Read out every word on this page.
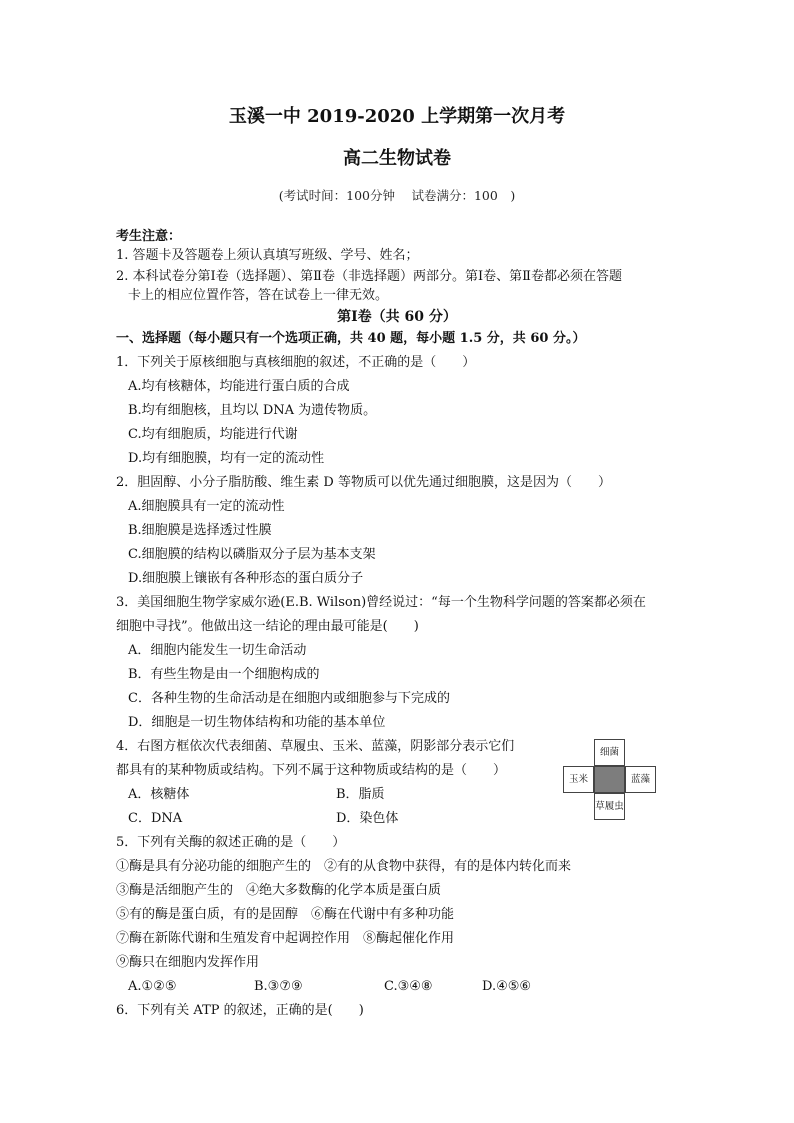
玉溪一中 2019-2020 上学期第一次月考
高二生物试卷
(考试时间：100分钟　 试卷满分：100　)
考生注意：
1. 答题卡及答题卷上须认真填写班级、学号、姓名；
2. 本科试卷分第Ⅰ卷（选择题）、第Ⅱ卷（非选择题）两部分。第Ⅰ卷、第Ⅱ卷都必须在答题
卡上的相应位置作答，答在试卷上一律无效。
第Ⅰ卷（共 60 分）
一、选择题（每小题只有一个选项正确，共 40 题，每小题 1.5 分，共 60 分。）
1．下列关于原核细胞与真核细胞的叙述，不正确的是（　　）
A.均有核糖体，均能进行蛋白质的合成
B.均有细胞核，且均以 DNA 为遗传物质。
C.均有细胞质，均能进行代谢
D.均有细胞膜，均有一定的流动性
2．胆固醇、小分子脂肪酸、维生素 D 等物质可以优先通过细胞膜，这是因为（　　）
A.细胞膜具有一定的流动性
B.细胞膜是选择透过性膜
C.细胞膜的结构以磷脂双分子层为基本支架
D.细胞膜上镶嵌有各种形态的蛋白质分子
3．美国细胞生物学家威尔逊(E.B. Wilson)曾经说过：“每一个生物科学问题的答案都必须在
细胞中寻找”。他做出这一结论的理由最可能是(　　)
A．细胞内能发生一切生命活动
B．有些生物是由一个细胞构成的
C．各种生物的生命活动是在细胞内或细胞参与下完成的
D．细胞是一切生物体结构和功能的基本单位
4．右图方框依次代表细菌、草履虫、玉米、蓝藻，阴影部分表示它们
都具有的某种物质或结构。下列不属于这种物质或结构的是（　　）
A．核糖体	B．脂质
C．DNA	D．染色体
细菌
玉米	蓝藻
草履虫
5．下列有关酶的叙述正确的是（　　）
①酶是具有分泌功能的细胞产生的　②有的从食物中获得，有的是体内转化而来
③酶是活细胞产生的　④绝大多数酶的化学本质是蛋白质
⑤有的酶是蛋白质，有的是固醇　⑥酶在代谢中有多种功能
⑦酶在新陈代谢和生殖发育中起调控作用　⑧酶起催化作用
⑨酶只在细胞内发挥作用
A.①②⑤	B.③⑦⑨	C.③④⑧	D.④⑤⑥
6．下列有关 ATP 的叙述，正确的是(　　)
